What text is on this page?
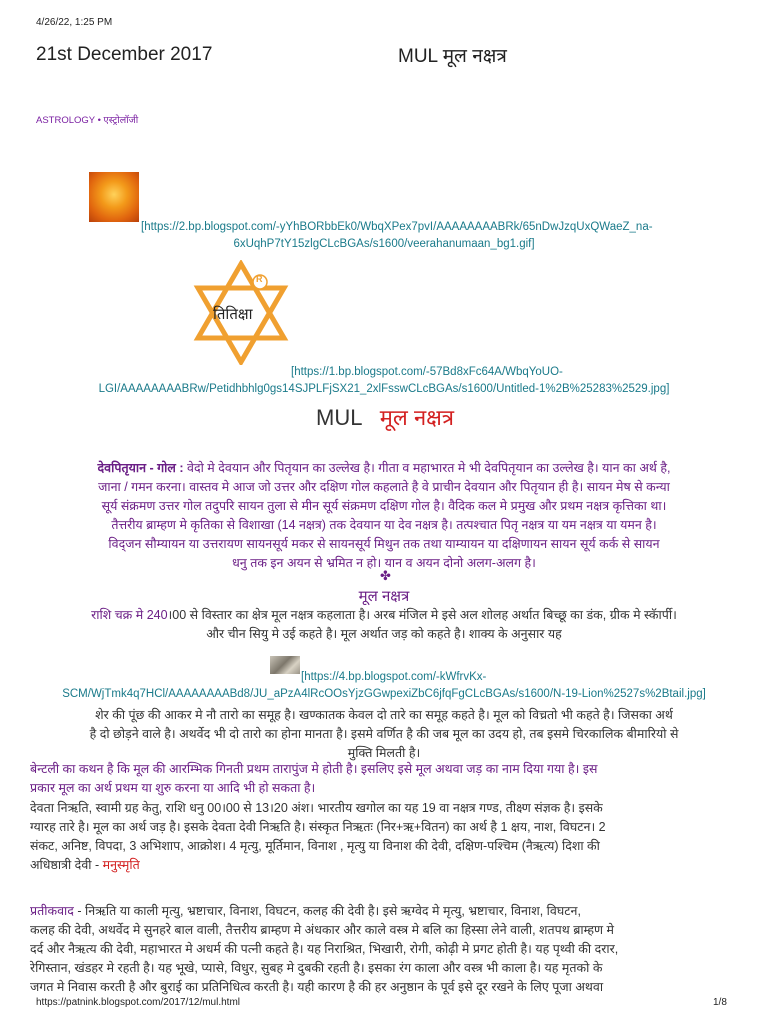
4/26/22, 1:25 PM
21st December 2017	MUL मूल नक्षत्र
ASTROLOGY • एस्ट्रोलॉजी
[https://2.bp.blogspot.com/-yYhBORbbEk0/WbqXPex7pvI/AAAAAAAABRk/65nDwJzqUxQWaeZ_na-
6xUqhP7tY15zlgCLcBGAs/s1600/veerahanumaan_bg1.gif]
R
तितिक्षा
[https://1.bp.blogspot.com/-57Bd8xFc64A/WbqYoUO-
LGI/AAAAAAAABRw/Petidhbhlg0gs14SJPLFjSX21_2xlFsswCLcBGAs/s1600/Untitled-1%2B%25283%2529.jpg]
MUL मूल नक्षत्र
देवपितृयान - गोल : वेदो मे देवयान और पितृयान का उल्लेख है। गीता व महाभारत मे भी देवपितृयान का उल्लेख है। यान का अर्थ है,
जाना / गमन करना। वास्तव मे आज जो उत्तर और दक्षिण गोल कहलाते है वे प्राचीन देवयान और पितृयान ही है। सायन मेष से कन्या
सूर्य संक्रमण उत्तर गोल तदुपरि सायन तुला से मीन सूर्य संक्रमण दक्षिण गोल है। वैदिक कल मे प्रमुख और प्रथम नक्षत्र कृत्तिका था।
तैत्तरीय ब्राम्हण मे कृतिका से विशाखा (14 नक्षत्र) तक देवयान या देव नक्षत्र है। तत्पश्चात पितृ नक्षत्र या यम नक्षत्र या यमन है।
विद्जन सौम्यायन या उत्तरायण सायनसूर्य मकर से सायनसूर्य मिथुन तक तथा याम्यायन या दक्षिणायन सायन सूर्य कर्क से सायन
धनु तक इन अयन से भ्रमित न हो। यान व अयन दोनो अलग-अलग है।
✤
मूल नक्षत्र
राशि चक्र मे 240।00 से विस्तार का क्षेत्र मूल नक्षत्र कहलाता है। अरब मंजिल मे इसे अल शोलह अर्थात बिच्छू का डंक, ग्रीक मे स्कॅार्पी।
और चीन सियु मे उई कहते है। मूल अर्थात जड़ को कहते है। शाक्य के अनुसार यह
[https://4.bp.blogspot.com/-kWfrvKx-
SCM/WjTmk4q7HCl/AAAAAAAABd8/JU_aPzA4lRcOOsYjzGGwpexiZbC6jfqFgCLcBGAs/s1600/N-19-Lion%2527s%2Btail.jpg]
शेर की पूंछ की आकर मे नौ तारो का समूह है। खण्कातक केवल दो तारे का समूह कहते है। मूल को विच्रतो भी कहते है। जिसका अर्थ
है दो छोड़ने वाले है। अथर्वेद भी दो तारो का होना मानता है। इसमे वर्णित है की जब मूल का उदय हो, तब इसमे चिरकालिक बीमारियो से
मुक्ति मिलती है।
बेन्टली का कथन है कि मूल की आरम्भिक गिनती प्रथम तारापुंज मे होती है। इसलिए इसे मूल अथवा जड़ का नाम दिया गया है। इस
प्रकार मूल का अर्थ प्रथम या शुरु करना या आदि भी हो सकता है।
देवता निऋति, स्वामी ग्रह केतु, राशि धनु 00।00 से 13।20 अंश। भारतीय खगोल का यह 19 वा नक्षत्र गण्ड, तीक्ष्ण संज्ञक है। इसके
ग्यारह तारे है। मूल का अर्थ जड़ है। इसके देवता देवी निऋति है। संस्कृत निऋतः (निर+ऋ+वितन) का अर्थ है 1 क्षय, नाश, विघटन। 2
संकट, अनिष्ट, विपदा, 3 अभिशाप, आक्रोश। 4 मृत्यु, मूर्तिमान, विनाश , मृत्यु या विनाश की देवी, दक्षिण-पश्चिम (नैऋत्य) दिशा की
अधिष्ठात्री देवी - मनुस्मृति
प्रतीकवाद - निऋति या काली मृत्यु, भ्रष्टाचार, विनाश, विघटन, कलह की देवी है। इसे ऋग्वेद मे मृत्यु, भ्रष्टाचार, विनाश, विघटन,
कलह की देवी, अथर्वेद मे सुनहरे बाल वाली, तैत्तरीय ब्राम्हण मे अंधकार और काले वस्त्र मे बलि का हिस्सा लेने वाली, शतपथ ब्राम्हण मे
दर्द और नैऋत्य की देवी, महाभारत मे अधर्म की पत्नी कहते है। यह निराश्रित, भिखारी, रोगी, कोढ़ी मे प्रगट होती है। यह पृथ्वी की दरार,
रेगिस्तान, खंडहर मे रहती है। यह भूखे, प्यासे, विधुर, सुबह मे दुबकी रहती है। इसका रंग काला और वस्त्र भी काला है। यह मृतको के
जगत मे निवास करती है और बुराई का प्रतिनिधित्व करती है। यही कारण है की हर अनुष्ठान के पूर्व इसे दूर रखने के लिए पूजा अथवा
https://patnink.blogspot.com/2017/12/mul.html	1/8
